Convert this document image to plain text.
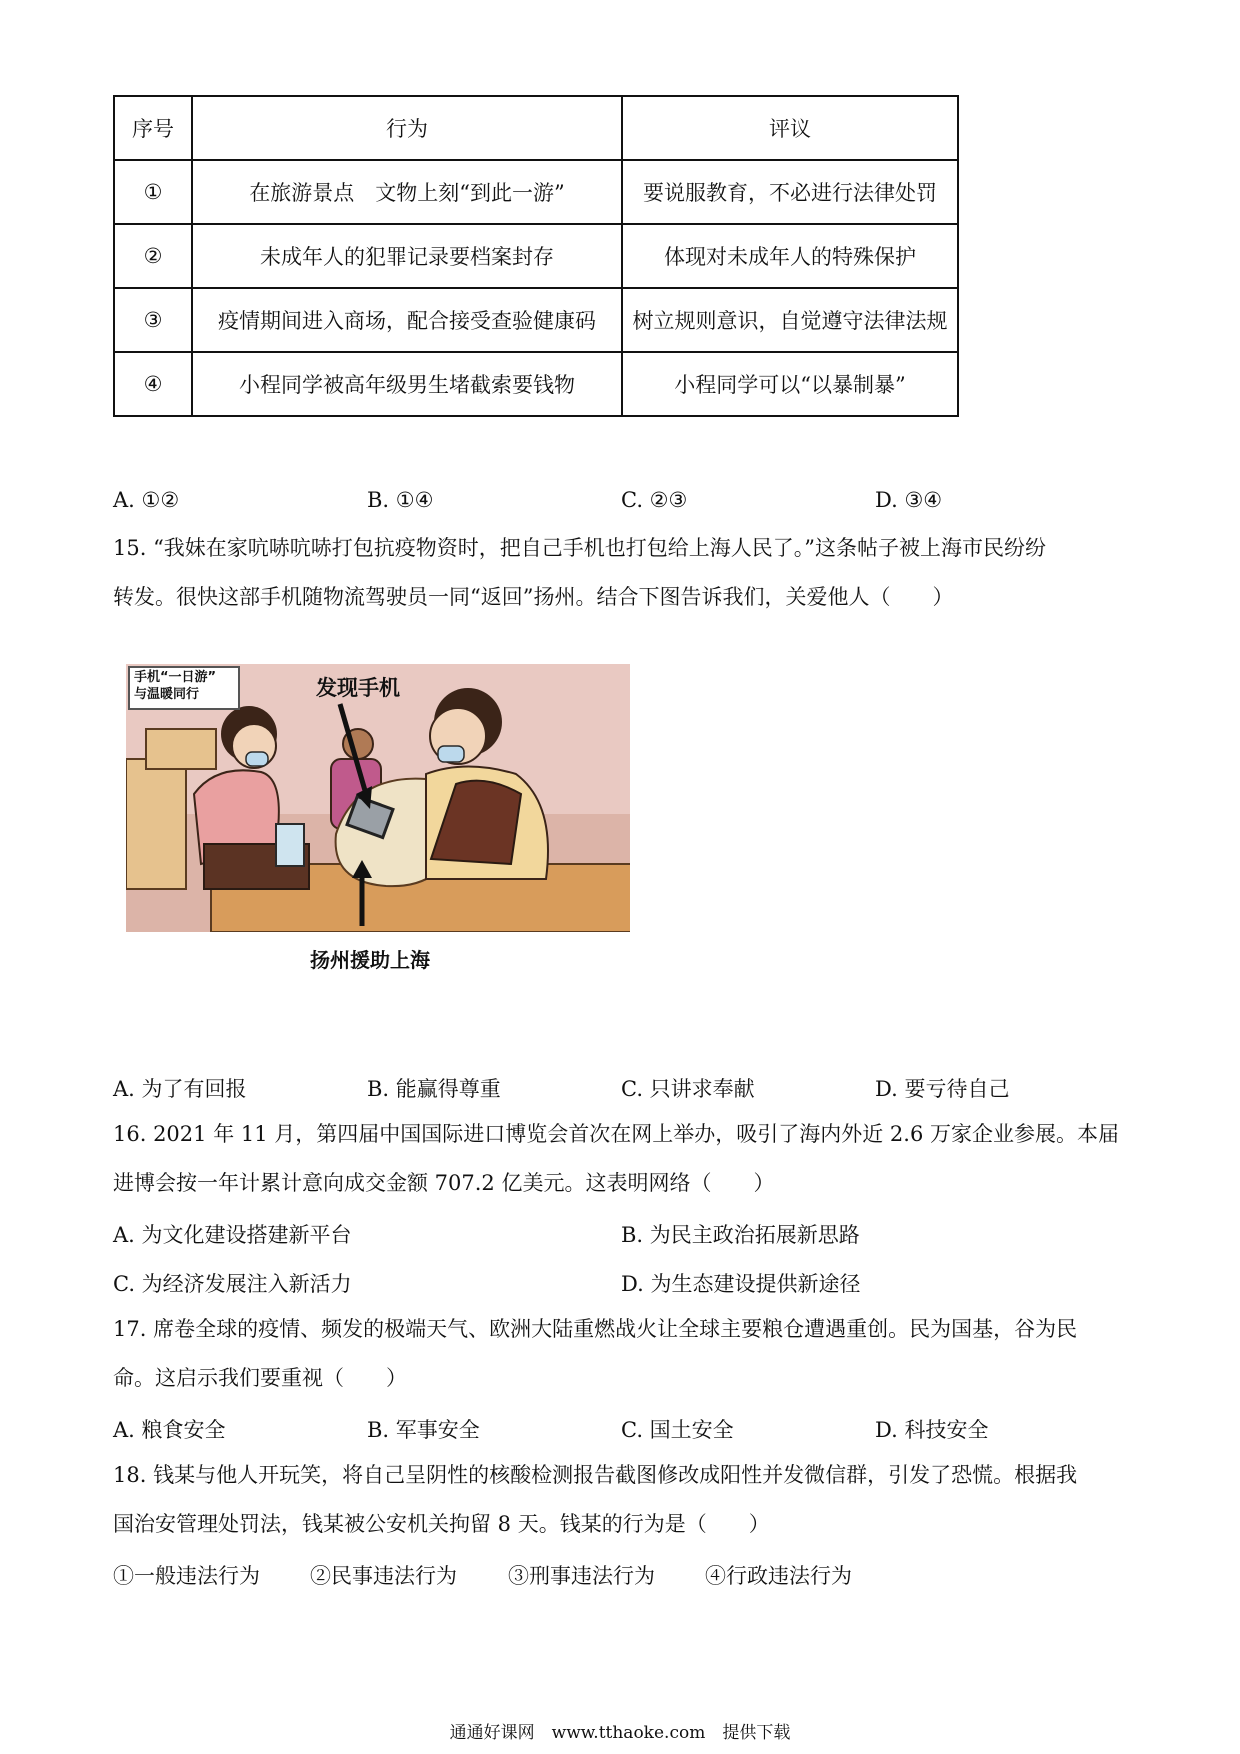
序号	行为	评议
①	在旅游景点　文物上刻“到此一游”	要说服教育，不必进行法律处罚
②	未成年人的犯罪记录要档案封存	体现对未成年人的特殊保护
③	疫情期间进入商场，配合接受查验健康码	树立规则意识，自觉遵守法律法规
④	小程同学被高年级男生堵截索要钱物	小程同学可以“以暴制暴”
A. ①②	B. ①④	C. ②③	D. ③④

15. “我妹在家吭哧吭哧打包抗疫物资时，把自己手机也打包给上海人民了。”这条帖子被上海市民纷纷

转发。很快这部手机随物流驾驶员一同“返回”扬州。结合下图告诉我们，关爱他人（　　）

手机“一日游”
与温暖同行	发现手机
扬州援助上海
A. 为了有回报	B. 能赢得尊重	C. 只讲求奉献	D. 要亏待自己

16. 2021 年 11 月，第四届中国国际进口博览会首次在网上举办，吸引了海内外近 2.6 万家企业参展。本届

进博会按一年计累计意向成交金额 707.2 亿美元。这表明网络（　　）

A. 为文化建设搭建新平台	B. 为民主政治拓展新思路
C. 为经济发展注入新活力	D. 为生态建设提供新途径

17. 席卷全球的疫情、频发的极端天气、欧洲大陆重燃战火让全球主要粮仓遭遇重创。民为国基，谷为民

命。这启示我们要重视（　　）

A. 粮食安全	B. 军事安全	C. 国土安全	D. 科技安全

18. 钱某与他人开玩笑，将自己呈阴性的核酸检测报告截图修改成阳性并发微信群，引发了恐慌。根据我

国治安管理处罚法，钱某被公安机关拘留 8 天。钱某的行为是（　　）

①一般违法行为 ②民事违法行为 ③刑事违法行为 ④行政违法行为
通通好课网　www.tthaoke.com　提供下载
